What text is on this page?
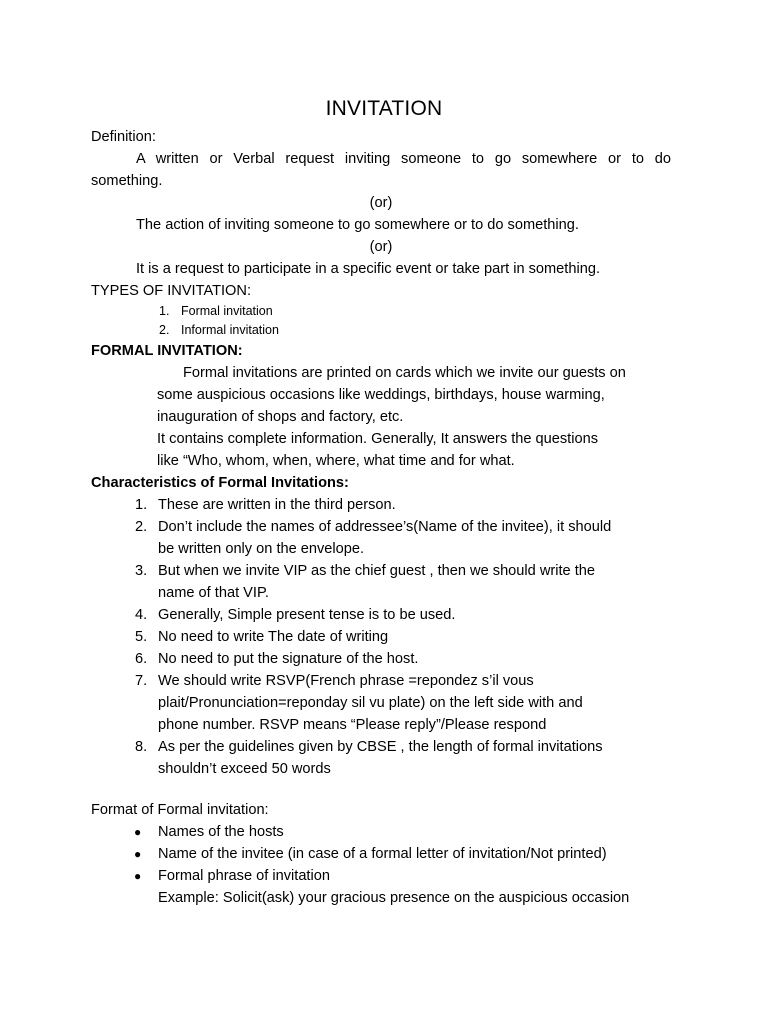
INVITATION
Definition:
A written or Verbal request inviting someone to go somewhere or to do
something.
(or)
The action of inviting someone to go somewhere or to do something.
(or)
It is a request to participate in a specific event or take part in something.
TYPES OF INVITATION:
1. Formal invitation
2. Informal invitation
FORMAL INVITATION:
Formal invitations are printed on cards which we invite our guests on
some auspicious occasions like weddings, birthdays, house warming,
inauguration of shops and factory, etc.
It contains complete information. Generally, It answers the questions
like “Who, whom, when, where, what time and for what.
Characteristics of Formal Invitations:
1. These are written in the third person.
2. Don’t include the names of addressee’s(Name of the invitee), it should
be written only on the envelope.
3. But when we invite VIP as the chief guest , then we should write the
name of that VIP.
4. Generally, Simple present tense is to be used.
5. No need to write The date of writing
6. No need to put the signature of the host.
7. We should write RSVP(French phrase =repondez s’il vous
plait/Pronunciation=reponday sil vu plate) on the left side with and
phone number. RSVP means “Please reply”/Please respond
8. As per the guidelines given by CBSE , the length of formal invitations
shouldn’t exceed 50 words
Format of Formal invitation:
●	Names of the hosts
●	Name of the invitee (in case of a formal letter of invitation/Not printed)
●	Formal phrase of invitation
Example: Solicit(ask) your gracious presence on the auspicious occasion
